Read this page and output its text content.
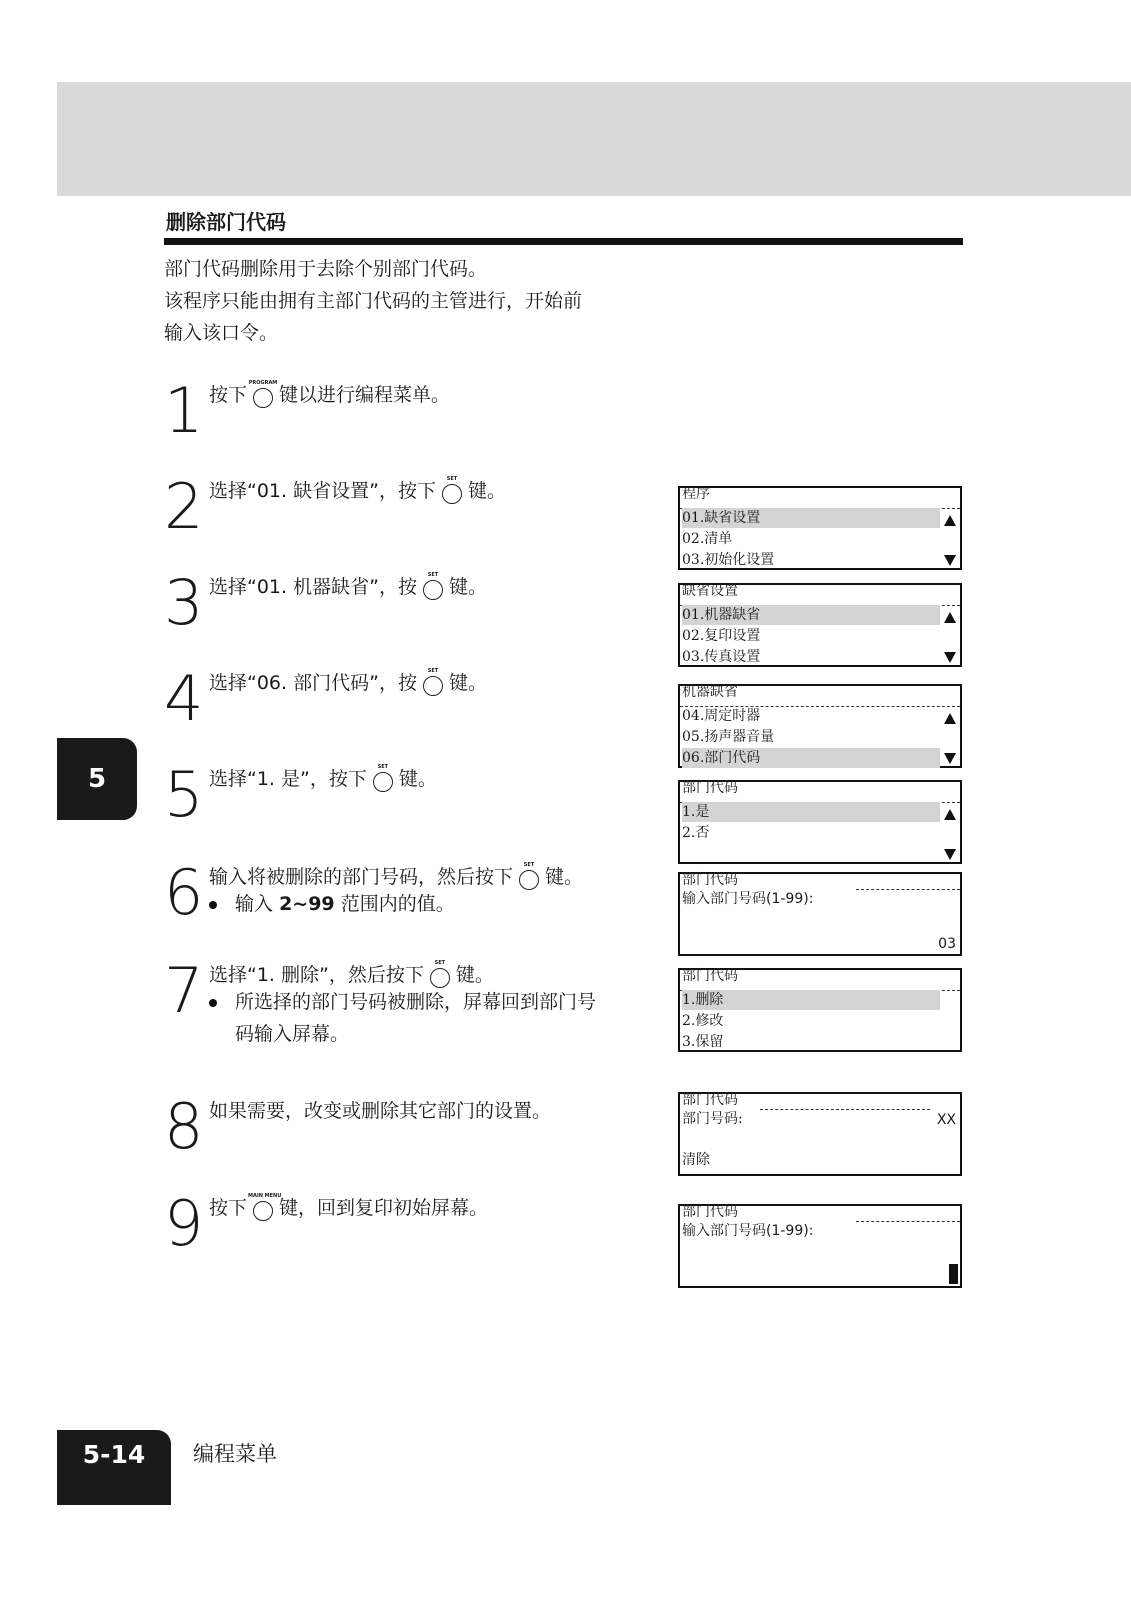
删除部门代码

部门代码删除用于去除个别部门代码。

该程序只能由拥有主部门代码的主管进行，开始前

输入该口令。

5
1 按下
PROGRAM
键以进行编程菜单。
2 选择“01. 缺省设置”，按下
SET
键。
3 选择“01. 机器缺省”，按
SET
键。
4 选择“06. 部门代码”，按
SET
键。
5 选择“1. 是”，按下
SET
键。
6 输入将被删除的部门号码，然后按下
SET
键。
输入 2~99 范围内的值。
7 选择“1. 删除”，然后按下
SET
键。
所选择的部门号码被删除，屏幕回到部门号
码输入屏幕。
8 如果需要，改变或删除其它部门的设置。
9 按下
MAIN MENU
键，回到复印初始屏幕。
程序
01.缺省设置
02.清单
03.初始化设置
缺省设置
01.机器缺省
02.复印设置
03.传真设置
机器缺省
04.周定时器
05.扬声器音量
06.部门代码
部门代码
1.是
2.否
部门代码
输入部门号码(1-99):
03
部门代码
1.删除
2.修改
3.保留
部门代码
部门号码:	XX
清除
部门代码
输入部门号码(1-99):
5-14	编程菜单
